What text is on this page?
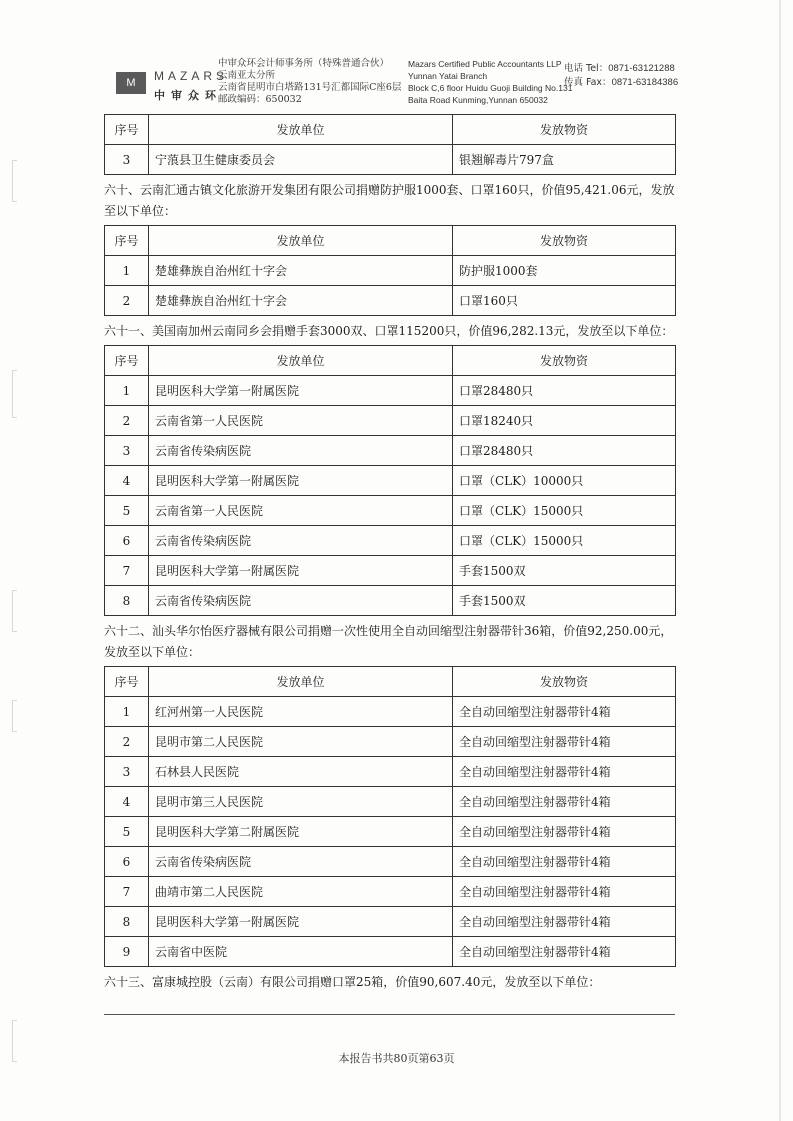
M	MAZARS
中审众环
中审众环会计师事务所（特殊普通合伙）
云南亚太分所
云南省昆明市白塔路131号汇都国际C座6层
邮政编码：650032
Mazars Certified Public Accountants LLP
Yunnan Yatai Branch
Block C,6 floor Huidu Guoji Building No.131
Baita Road Kunming,Yunnan 650032
电话 Tel：0871-63121288
传真 Fax：0871-63184386
序号	发放单位	发放物资
3	宁蒗县卫生健康委员会	银翘解毒片797盒
六十、云南汇通古镇文化旅游开发集团有限公司捐赠防护服1000套、口罩160只，价值95,421.06元，发放至以下单位：
序号	发放单位	发放物资
1	楚雄彝族自治州红十字会	防护服1000套
2	楚雄彝族自治州红十字会	口罩160只
六十一、美国南加州云南同乡会捐赠手套3000双、口罩115200只，价值96,282.13元，发放至以下单位：
序号	发放单位	发放物资
1	昆明医科大学第一附属医院	口罩28480只
2	云南省第一人民医院	口罩18240只
3	云南省传染病医院	口罩28480只
4	昆明医科大学第一附属医院	口罩（CLK）10000只
5	云南省第一人民医院	口罩（CLK）15000只
6	云南省传染病医院	口罩（CLK）15000只
7	昆明医科大学第一附属医院	手套1500双
8	云南省传染病医院	手套1500双
六十二、汕头华尔怡医疗器械有限公司捐赠一次性使用全自动回缩型注射器带针36箱，价值92,250.00元，发放至以下单位：
序号	发放单位	发放物资
1	红河州第一人民医院	全自动回缩型注射器带针4箱
2	昆明市第二人民医院	全自动回缩型注射器带针4箱
3	石林县人民医院	全自动回缩型注射器带针4箱
4	昆明市第三人民医院	全自动回缩型注射器带针4箱
5	昆明医科大学第二附属医院	全自动回缩型注射器带针4箱
6	云南省传染病医院	全自动回缩型注射器带针4箱
7	曲靖市第二人民医院	全自动回缩型注射器带针4箱
8	昆明医科大学第一附属医院	全自动回缩型注射器带针4箱
9	云南省中医院	全自动回缩型注射器带针4箱
六十三、富康城控股（云南）有限公司捐赠口罩25箱，价值90,607.40元，发放至以下单位：
本报告书共80页第63页
